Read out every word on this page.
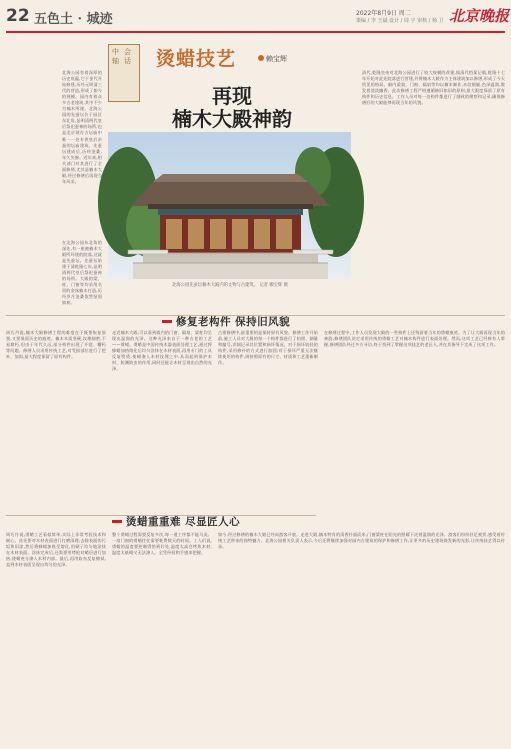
22 五色土 · 城迹	2022年8月9日 周二
策编 / 李 王斌 设计 / 周 宇 审核 / 杨 卫 北京晚报

北海公园有着深厚的历史底蕴,它于金代开始修建,历经元明清三代的营造,形成了如今的规模。园内有着众多古老建筑,其中不少为楠木所建。北海公园的先蚕坛位于园区东北角,是明清两代皇后祭祀蚕神的场所,也是北京现存古坛庙中唯一一处专供皇后亲蚕的坛庙建筑。先蚕坛建成后,历经沧桑,年久失修。近年来,相关部门对其进行了全面修缮,尤其是楠木大殿,经过修缮后再现当年风采。

在北海公园东北角的深处,有一座被楠木大殿所环绕的院落,这就是先蚕坛。先蚕坛始建于清乾隆七年,是明清两代皇后祭祀蚕神的场所。大殿的梁、柱、门窗等均采用名贵的金丝楠木打造,历经岁月沧桑依然坚固如初。

中轴
会话 烫蜡技艺	赖宝辉
再现
楠木大殿神韵
北海公园先蚕坛楠木大殿内的文物与古建筑。 记者 赖宝辉 摄

清代,乾隆皇帝对北海公园进行了较大规模的改建,据清代档案记载,乾隆十七年开始对此处院落进行营建,并将楠木大殿作为主体建筑加以修缮,形成了今天所见的格局。殿内梁架、门窗、隔扇等均以楠木制作,木纹细腻,色泽温润,散发着淡淡幽香。此次修缮工程严格遵循修旧如旧的原则,最大限度保留了原有构件和历史信息。工作人员对每一处构件都进行了细致的勘察和记录,确保修缮后的大殿能够再现当年的风貌。

修复老构件 保持旧风貌

周巧丹说,楠木大殿修缮工程的难度在于既要恢复原貌,又要保留历史的痕迹。楠木木质坚硬,纹理细密,不易腐朽,但由于年代久远,部分构件出现了开裂、糟朽等问题。修缮人员采用传统工艺,对受损部位进行了挖补、加固,最大程度保留了原有构件。

走近楠木大殿,可以看到殿内的门窗、隔扇、梁柱均呈现出温润的光泽。这种光泽来自于一种古老的工艺——烫蜡。烫蜡是中国传统木器表面处理工艺,通过将蜂蜡加热熔化后均匀涂抹在木材表面,再用专门的工具反复熨烫,使蜡渗入木材纹理之中,从而起到保护木材、防潮防虫的作用,同时还能让木材呈现出自然的光泽。

古建修缮中,最重要的是保持原有风貌。修缮工作开始前,施工人员对大殿的每一个构件都进行了拍照、测量和编号,详细记录其位置和损坏情况。对于损坏较轻的构件,采用修补的方式进行加固;对于损坏严重无法继续使用的构件,则按照原有的尺寸、材质和工艺重新制作。

在修缮过程中,工作人员发现大殿的一些构件上还残留着当年的烫蜡痕迹。为了让大殿再现当年的神韵,修缮团队决定采用传统的烫蜡工艺对楠木构件进行表面处理。然而,这项工艺已经鲜有人掌握,修缮团队经过多方寻访,终于找到了掌握这项技艺的老匠人,并在其指导下完成了这项工作。

烫蜡重重难 尽显匠人心

周巧丹说,烫蜡工艺看似简单,实际上非常考验技术和耐心。首先要对木材表面进行打磨清理,去除表面的污垢和旧漆,然后将蜂蜡加热至熔化,用刷子均匀地涂抹在木材表面。涂抹完成后,还需要用烤枪对蜡层进行加热,使蜡充分渗入木材内部。最后,再用软布反复擦拭,直到木材表面呈现出均匀的光泽。

整个烫蜡过程需要反复多次,每一道工序都不能马虎。一扇门窗的烫蜡往往需要耗费数天的时间。工人们说,烫蜡的温度要控制得恰到好处,温度太高会烤焦木材,温度太低蜡又无法渗入。全凭经验和手感来把握。

如今,经过修缮的楠木大殿已经向游客开放。走进大殿,楠木特有的清香扑面而来,门窗梁柱在阳光的照耀下泛着温润的光泽。游客们纷纷驻足观赏,感受着传统工艺带来的独特魅力。北海公园相关负责人表示,今后还将继续加强对园内古建筑的保护和修缮工作,让更多的历史建筑焕发新的光彩,让传统技艺得以传承。
